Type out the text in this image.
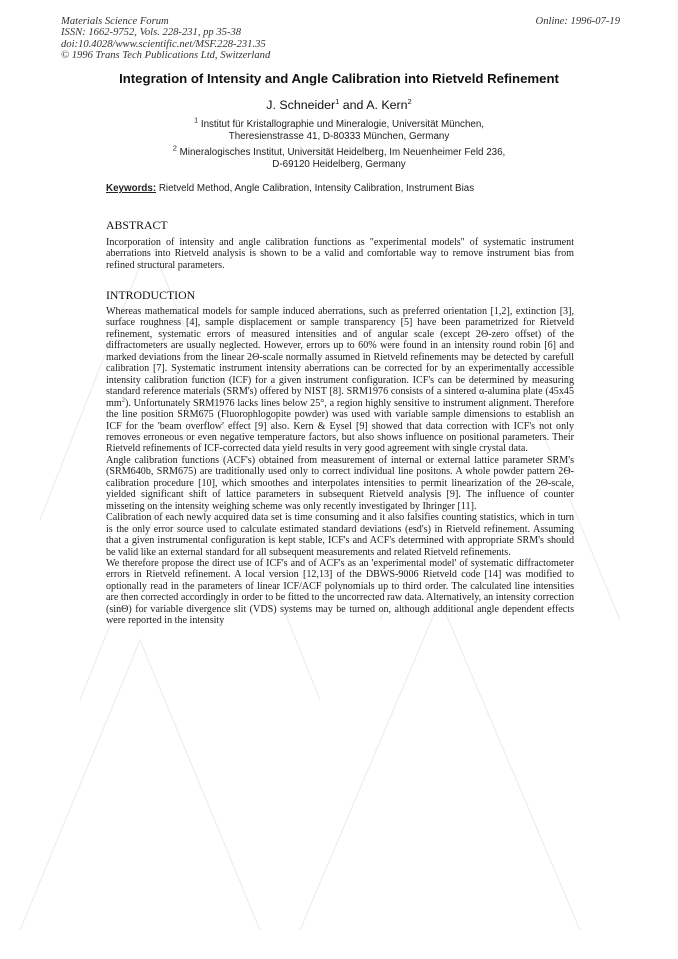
Materials Science Forum
ISSN: 1662-9752, Vols. 228-231, pp 35-38
doi:10.4028/www.scientific.net/MSF.228-231.35
© 1996 Trans Tech Publications Ltd, Switzerland
Online: 1996-07-19
Integration of Intensity and Angle Calibration into Rietveld Refinement
J. Schneider$^1$ and A. Kern$^2$
$^1$ Institut für Kristallographie und Mineralogie, Universität München,
Theresienstrasse 41, D-80333 München, Germany
$^2$ Mineralogisches Institut, Universität Heidelberg, Im Neuenheimer Feld 236,
D-69120 Heidelberg, Germany
Keywords: Rietveld Method, Angle Calibration, Intensity Calibration, Instrument Bias
ABSTRACT

Incorporation of intensity and angle calibration functions as "experimental models" of systematic instrument aberrations into Rietveld analysis is shown to be a valid and comfortable way to remove instrument bias from refined structural parameters.

INTRODUCTION

Whereas mathematical models for sample induced aberrations, such as preferred orientation [1,2], extinction [3], surface roughness [4], sample displacement or sample transparency [5] have been parametrized for Rietveld refinement, systematic errors of measured intensities and of angular scale (except 2Θ-zero offset) of the diffractometers are usually neglected. However, errors up to 60% were found in an intensity round robin [6] and marked deviations from the linear 2Θ-scale normally assumed in Rietveld refinements may be detected by carefull calibration [7]. Systematic instrument intensity aberrations can be corrected for by an experimentally accessible intensity calibration function (ICF) for a given instrument configuration. ICF's can be determined by measuring standard reference materials (SRM's) offered by NIST [8]. SRM1976 consists of a sintered α-alumina plate (45x45 $mm^2$). Unfortunately SRM1976 lacks lines below 25°, a region highly sensitive to instrument alignment. Therefore the line position SRM675 (Fluorophlogopite powder) was used with variable sample dimensions to establish an ICF for the 'beam overflow' effect [9] also. Kern & Eysel [9] showed that data correction with ICF's not only removes erroneous or even negative temperature factors, but also shows influence on positional parameters. Their Rietveld refinements of ICF-corrected data yield results in very good agreement with single crystal data.

Angle calibration functions (ACF's) obtained from measurement of internal or external lattice parameter SRM's (SRM640b, SRM675) are traditionally used only to correct individual line positons. A whole powder pattern 2Θ-calibration procedure [10], which smoothes and interpolates intensities to permit linearization of the 2Θ-scale, yielded significant shift of lattice parameters in subsequent Rietveld analysis [9]. The influence of counter misseting on the intensity weighing scheme was only recently investigated by Ihringer [11].

Calibration of each newly acquired data set is time consuming and it also falsifies counting statistics, which in turn is the only error source used to calculate estimated standard deviations (esd's) in Rietveld refinement. Assuming that a given instrumental configuration is kept stable, ICF's and ACF's determined with appropriate SRM's should be valid like an external standard for all subsequent measurements and related Rietveld refinements.

We therefore propose the direct use of ICF's and of ACF's as an 'experimental model' of systematic diffractometer errors in Rietveld refinement. A local version [12,13] of the DBWS-9006 Rietveld code [14] was modified to optionally read in the parameters of linear ICF/ACF polynomials up to third order. The calculated line intensities are then corrected accordingly in order to be fitted to the uncorrected raw data. Alternatively, an intensity correction (sinΘ) for variable divergence slit (VDS) systems may be turned on, although additional angle dependent effects were reported in the intensity
